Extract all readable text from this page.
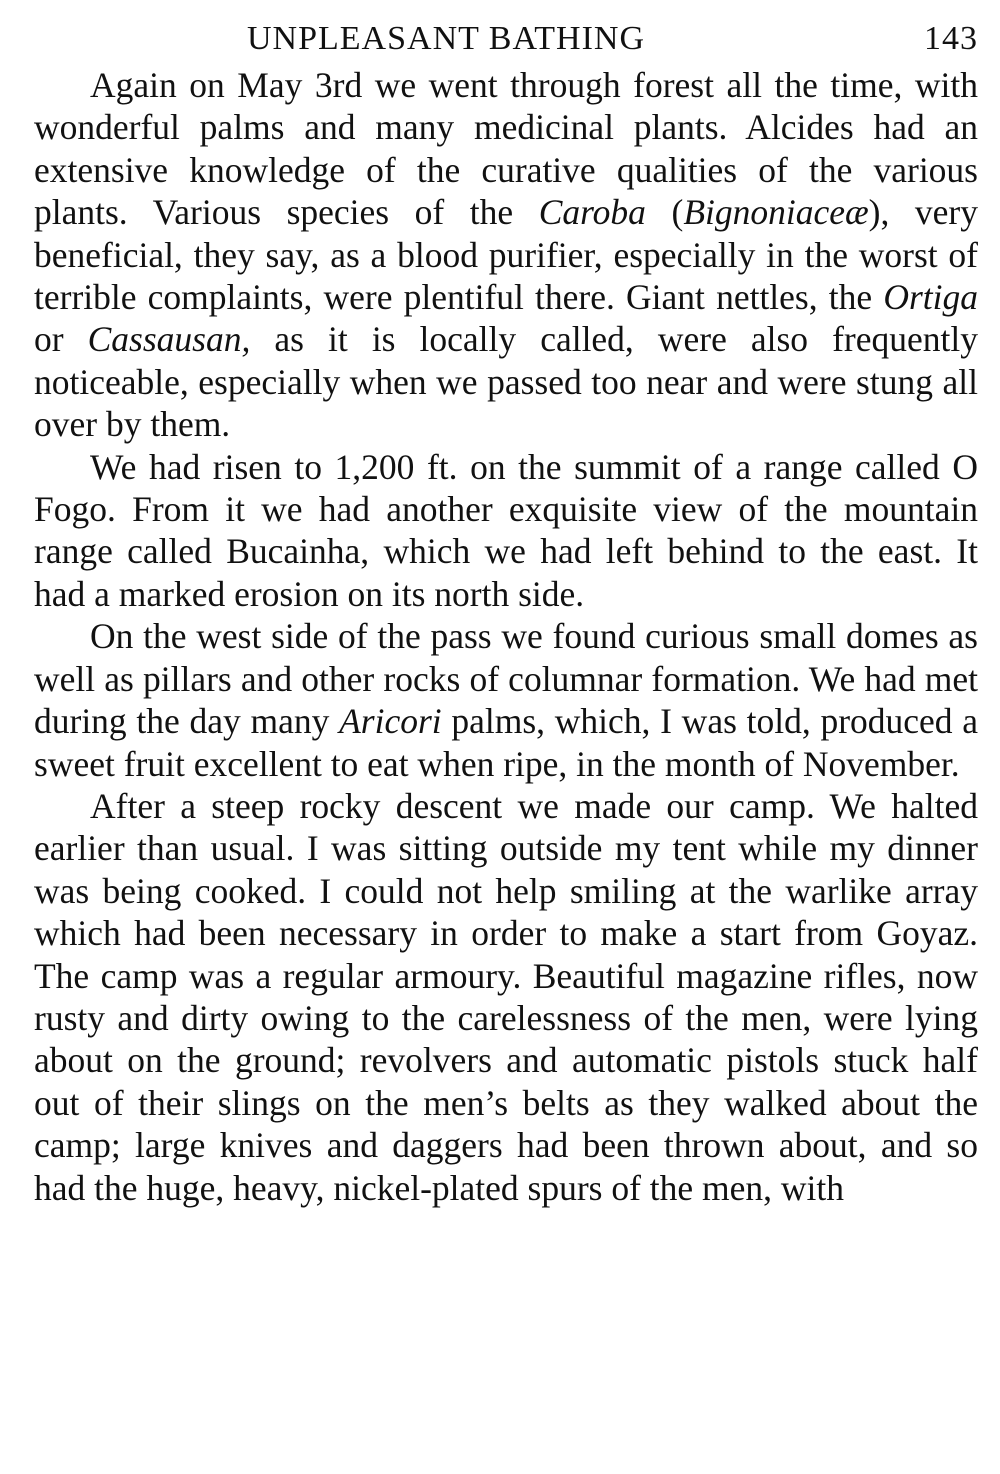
UNPLEASANT BATHING	143

Again on May 3rd we went through forest all the time, with wonderful palms and many medicinal plants. Alcides had an extensive knowledge of the curative qualities of the various plants. Various species of the Caroba (Bignoniaceæ), very beneficial, they say, as a blood purifier, especially in the worst of terrible complaints, were plentiful there. Giant nettles, the Ortiga or Cassausan, as it is locally called, were also frequently noticeable, especially when we passed too near and were stung all over by them.

We had risen to 1,200 ft. on the summit of a range called O Fogo. From it we had another exquisite view of the mountain range called Bucainha, which we had left behind to the east. It had a marked erosion on its north side.

On the west side of the pass we found curious small domes as well as pillars and other rocks of columnar formation. We had met during the day many Aricori palms, which, I was told, produced a sweet fruit excellent to eat when ripe, in the month of November.

After a steep rocky descent we made our camp. We halted earlier than usual. I was sitting outside my tent while my dinner was being cooked. I could not help smiling at the warlike array which had been necessary in order to make a start from Goyaz. The camp was a regular armoury. Beautiful magazine rifles, now rusty and dirty owing to the carelessness of the men, were lying about on the ground; revolvers and automatic pistols stuck half out of their slings on the men’s belts as they walked about the camp; large knives and daggers had been thrown about, and so had the huge, heavy, nickel-plated spurs of the men, with
